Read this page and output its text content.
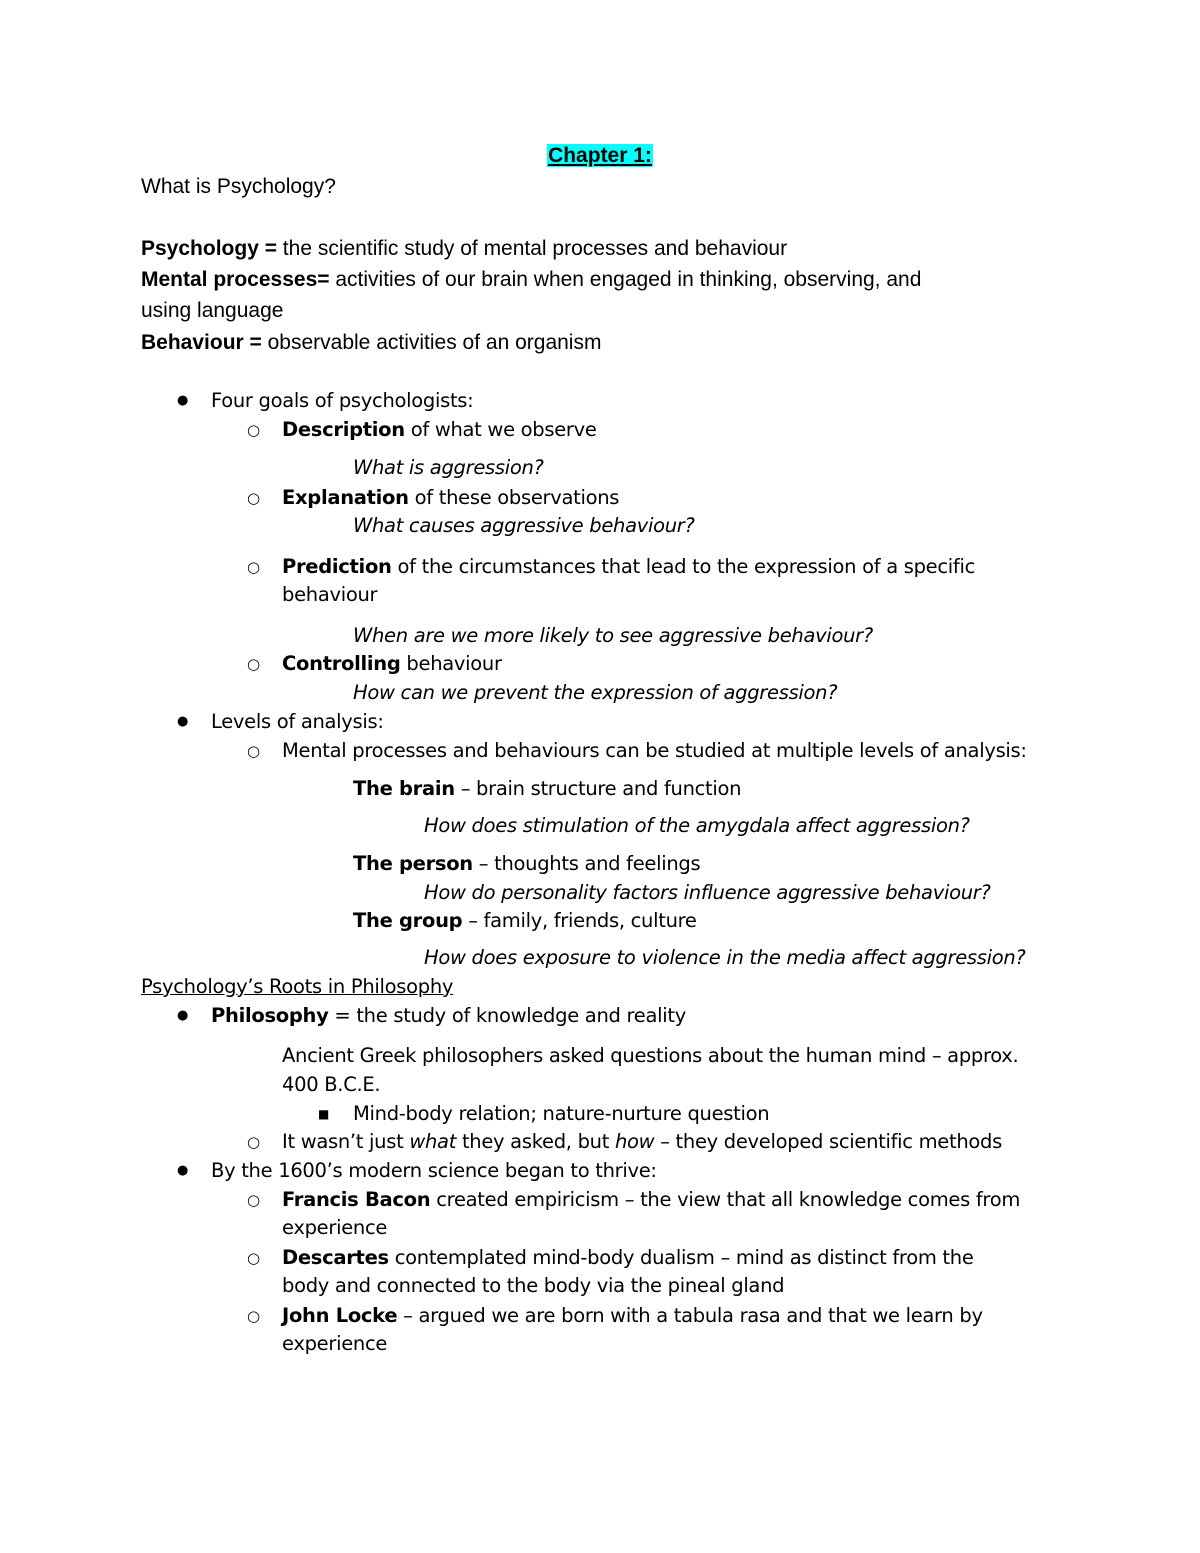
Chapter 1:
What is Psychology?
Psychology = the scientific study of mental processes and behaviour
Mental processes= activities of our brain when engaged in thinking, observing, and
using language
Behaviour = observable activities of an organism
● Four goals of psychologists:
○ Description of what we observe
What is aggression?
○ Explanation of these observations
What causes aggressive behaviour?
○ Prediction of the circumstances that lead to the expression of a specific
behaviour
When are we more likely to see aggressive behaviour?
○ Controlling behaviour
How can we prevent the expression of aggression?
● Levels of analysis:
○ Mental processes and behaviours can be studied at multiple levels of analysis:
The brain – brain structure and function
How does stimulation of the amygdala affect aggression?
The person – thoughts and feelings
How do personality factors influence aggressive behaviour?
The group – family, friends, culture
How does exposure to violence in the media affect aggression?
Psychology’s Roots in Philosophy
● Philosophy = the study of knowledge and reality
Ancient Greek philosophers asked questions about the human mind – approx.
400 B.C.E.
■ Mind-body relation; nature-nurture question
○ It wasn’t just what they asked, but how – they developed scientific methods
● By the 1600’s modern science began to thrive:
○ Francis Bacon created empiricism – the view that all knowledge comes from
experience
○ Descartes contemplated mind-body dualism – mind as distinct from the
body and connected to the body via the pineal gland
○ John Locke – argued we are born with a tabula rasa and that we learn by
experience
